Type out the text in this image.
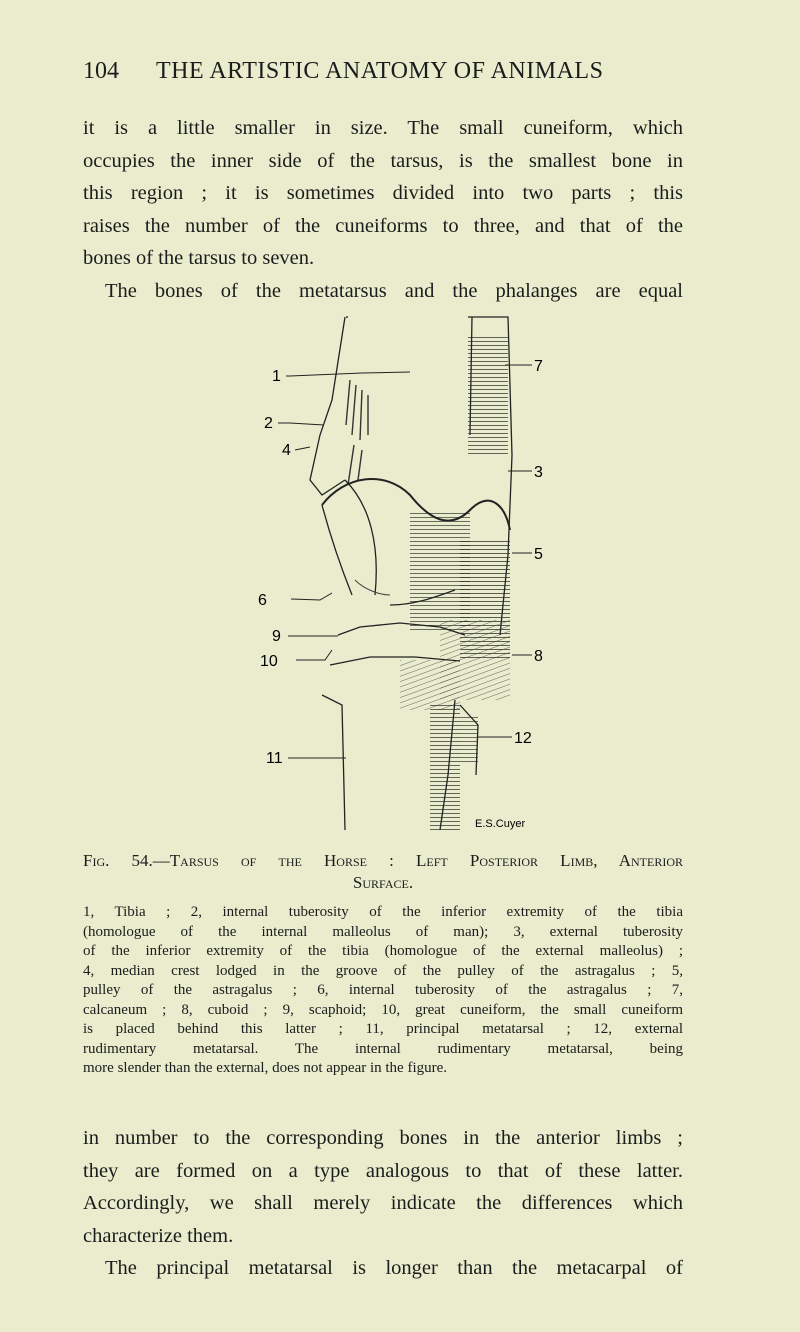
104 THE ARTISTIC ANATOMY OF ANIMALS

it is a little smaller in size. The small cuneiform, which
occupies the inner side of the tarsus, is the smallest bone in
this region ; it is sometimes divided into two parts ; this
raises the number of the cuneiforms to three, and that of the
bones of the tarsus to seven.
The bones of the metatarsus and the phalanges are equal

1
2
4
6
9
10
11
7
3
5
8
12
E.S.Cuyer
Fig. 54.—Tarsus of the Horse : Left Posterior Limb, Anterior
Surface.

1, Tibia ; 2, internal tuberosity of the inferior extremity of the tibia
(homologue of the internal malleolus of man); 3, external tuberosity
of the inferior extremity of the tibia (homologue of the external malleolus) ;
4, median crest lodged in the groove of the pulley of the astragalus ; 5,
pulley of the astragalus ; 6, internal tuberosity of the astragalus ; 7,
calcaneum ; 8, cuboid ; 9, scaphoid; 10, great cuneiform, the small cuneiform
is placed behind this latter ; 11, principal metatarsal ; 12, external
rudimentary metatarsal. The internal rudimentary metatarsal, being
more slender than the external, does not appear in the figure.

in number to the corresponding bones in the anterior limbs ;
they are formed on a type analogous to that of these latter.
Accordingly, we shall merely indicate the differences which
characterize them.
The principal metatarsal is longer than the metacarpal of
